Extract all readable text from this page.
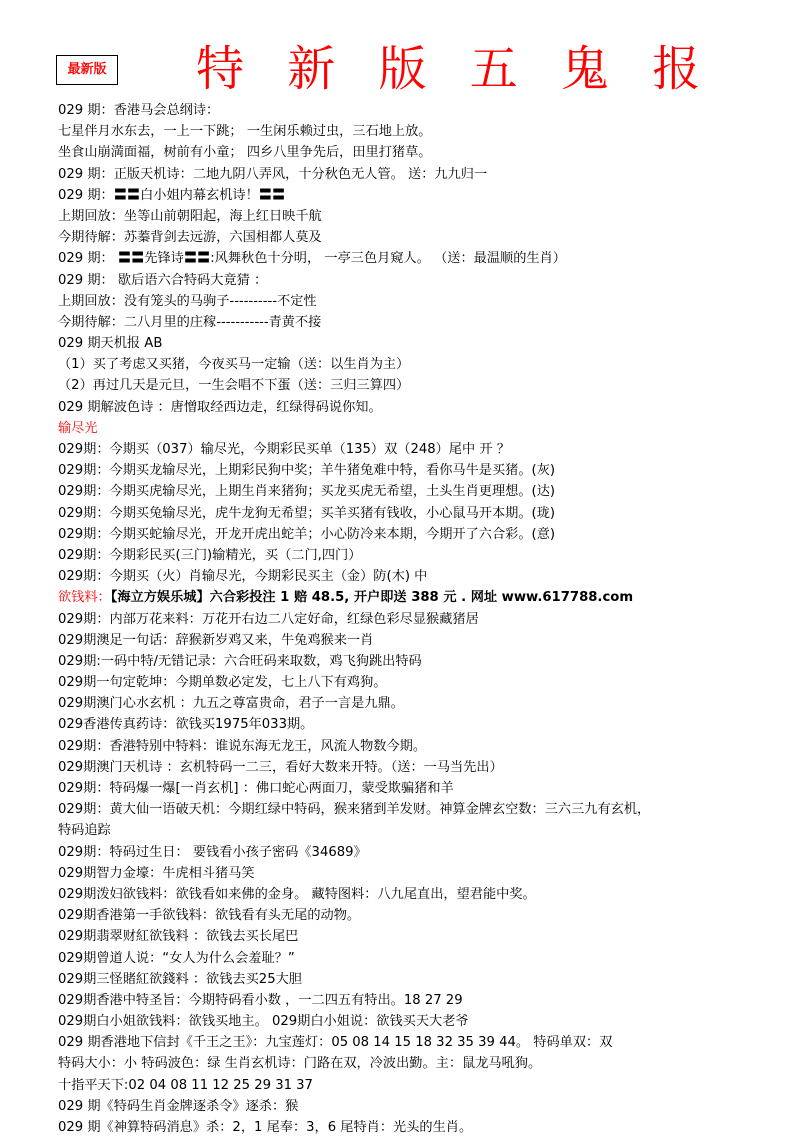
最新版 特 新 版 五 鬼 报
029 期：香港马会总纲诗：
七星伴月水东去，一上一下跳； 一生闲乐赖过虫，三石地上放。
坐食山崩満面福，树前有小童； 四乡八里争先后，田里打猪草。
029 期：正版天机诗：二地九阴八弄风，十分秋色无人管。 送：九九归一
029 期：〓〓白小姐内幕玄机诗！〓〓
上期回放：坐等山前朝阳起，海上红日映千航
今期待解：苏蓁背剑去远游，六国相都人莫及
029 期： 〓〓先锋诗〓〓:风舞秋色十分明， 一亭三色月窥人。 （送：最温顺的生肖）
029 期： 歇后语六合特码大竟猜 ：
上期回放：没有笼头的马驹子----------不定性
今期待解：二八月里的庄稼-----------青黄不接
029 期天机报 AB
（1）买了考虑又买猪，今夜买马一定输（送：以生肖为主）
（2）再过几天是元旦，一生会唱不下蛋（送：三归三算四）
029 期解波色诗 ：唐憎取经西边走，红绿得码说你知。
输尽光
029期：今期买（037）输尽光，今期彩民买单（135）双（248）尾中 开 ？
029期：今期买龙输尽光，上期彩民狗中奖；羊牛猪兔难中特，看你马牛是买猪。(灰)
029期：今期买虎输尽光，上期生肖来猪狗；买龙买虎无希望，土头生肖更理想。(达)
029期：今期买兔输尽光，虎牛龙狗无希望；买羊买猪有钱收，小心鼠马开本期。(珑)
029期：今期买蛇输尽光，开龙开虎出蛇羊；小心防冷来本期，今期开了六合彩。(意)
029期：今期彩民买(三门)输精光，买（二门,四门）
029期：今期买（火）肖输尽光，今期彩民买主（金）防(木) 中
欲钱料：【海立方娱乐城】六合彩投注 1 赔 48.5, 开户即送 388 元 . 网址 www.617788.com
029期：内部万花来料：万花开右边二八定好命，红绿色彩尽显猴藏猪居
029期澳足一句话：辞猴新岁鸡又来，牛兔鸡猴来一肖
029期:一码中特/无错记录：六合旺码来取数，鸡飞狗跳出特码
029期一句定乾坤：今期单数必定发，七上八下有鸡狗。
029期澳门心水玄机 ：九五之尊富贵命，君子一言是九鼎。
029香港传真药诗：欲钱买1975年033期。
029期：香港特别中特料：谁说东海无龙王，风流人物数今期。
029期澳门天机诗 ：玄机特码一二三，看好大数来开特。（送：一马当先出）
029期：特码爆一爆[一肖玄机] ：佛口蛇心两面刀，蒙受欺骗猪和羊
029期：黄大仙一语破天机：今期红绿中特码，猴来猪到羊发财。神算金牌玄空数：三六三九有玄机，
特码追踪
029期：特码过生日： 要钱看小孩子密码《34689》
029期智力金壕：牛虎相斗猪马笑
029期泼妇欲钱料：欲钱看如来佛的金身。 藏特图料：八九尾直出，望君能中奖。
029期香港第一手欲钱料：欲钱看有头无尾的动物。
029期翡翠财紅欲钱料 ：欲钱去买长尾巴
029期曾道人说：“女人为什么会羞耻？”
029期三怪賭紅欲錢料 ：欲钱去买25大胆
029期香港中特圣旨：今期特码看小数 ，一二四五有特出。18 27 29
029期白小姐欲钱料：欲钱买地主。 029期白小姐说：欲钱买天大老爷
029 期香港地下信封《千王之王》：九宝莲灯：05 08 14 15 18 32 35 39 44。 特码单双：双
特码大小：小 特码波色：绿 生肖玄机诗：门路在双，冷波出勤。主：鼠龙马吼狗。
十指平天下:02 04 08 11 12 25 29 31 37
029 期《特码生肖金牌逐杀令》逐杀：猴
029 期《神算特码消息》杀：2，1 尾奉：3，6 尾特肖：光头的生肖。
